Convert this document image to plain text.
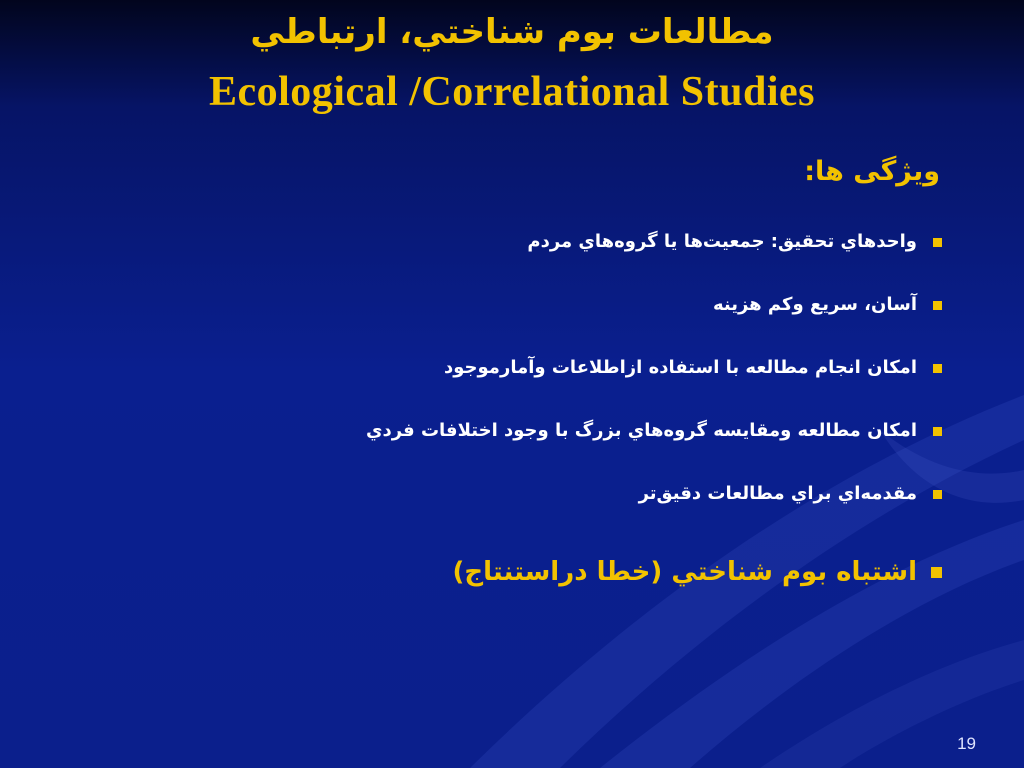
مطالعات بوم شناختي، ارتباطي
Ecological /Correlational Studies
ويژگی ها:
واحدهاي تحقيق: جمعيت‌ها يا گروه‌هاي مردم
آسان، سريع وكم هزينه
امكان انجام مطالعه با استفاده ازاطلاعات وآمارموجود
امكان مطالعه ومقايسه گروه‌هاي بزرگ با وجود اختلافات فردي
مقدمه‌اي براي مطالعات دقيق‌تر
اشتباه بوم شناختي (خطا دراستنتاج)
19
